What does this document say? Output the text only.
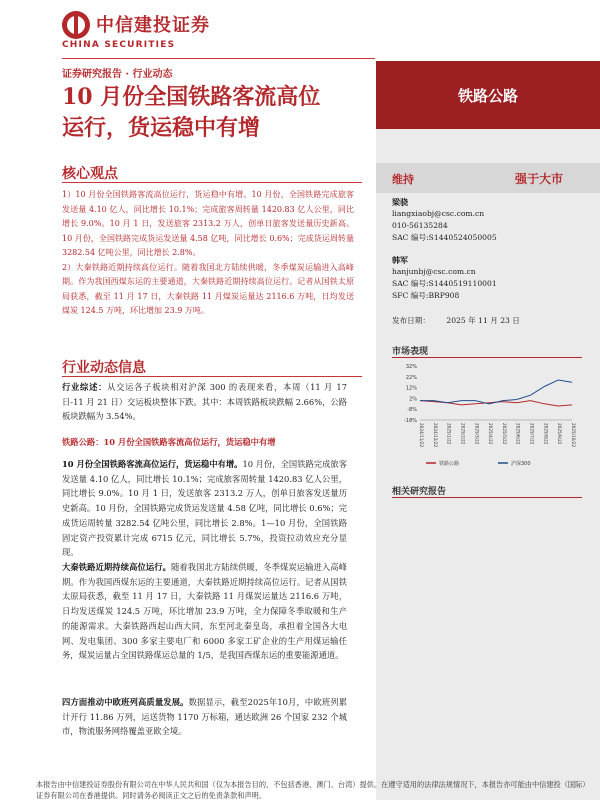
中信建投证券
CHINA SECURITIES
证券研究报告 · 行业动态
10 月份全国铁路客流高位
运行，货运稳中有增
铁路公路
维持	强于大市
梁骁
liangxiaobj@csc.com.cn
010-56135284
SAC 编号:S1440524050005
韩军
hanjunbj@csc.com.cn
SAC 编号:S1440519110001
SFC 编号:BRP908
发布日期： 2025 年 11 月 23 日
市场表现
32%
22%
12%
2%
-8%
-18%
2024/11/22 2024/12/22 2025/1/22 2025/2/22 2025/3/22 2025/4/22 2025/5/22 2025/6/22 2025/7/22 2025/8/22 2025/9/22 2025/10/22
铁路公路	沪深300
相关研究报告
核心观点

1）10 月份全国铁路客流高位运行，货运稳中有增。10 月份，全国铁路完成旅客发送量 4.10 亿人，同比增长 10.1%；完成旅客周转量 1420.83 亿人公里，同比增长 9.0%。10 月 1 日，发送旅客 2313.2 万人，创单日旅客发送量历史新高。10 月份，全国铁路完成货运发送量 4.58 亿吨，同比增长 0.6%；完成货运周转量 3282.54 亿吨公里，同比增长 2.8%。

2）大秦铁路近期持续高位运行。随着我国北方陆续供暖，冬季煤炭运输进入高峰期。作为我国西煤东运的主要通道，大秦铁路近期持续高位运行。记者从国铁太原局获悉，截至 11 月 17 日，大秦铁路 11 月煤炭运量达 2116.6 万吨，日均发送煤炭 124.5 万吨，环比增加 23.9 万吨。

行业动态信息

行业综述：从交运各子板块相对沪深 300 的表现来看，本周（11 月 17 日-11 月 21 日）交运板块整体下跌。其中：本周铁路板块跌幅 2.66%，公路板块跌幅为 3.54%。

铁路公路：10 月份全国铁路客流高位运行，货运稳中有增

10 月份全国铁路客流高位运行，货运稳中有增。10 月份，全国铁路完成旅客发送量 4.10 亿人，同比增长 10.1%；完成旅客周转量 1420.83 亿人公里，同比增长 9.0%。10 月 1 日，发送旅客 2313.2 万人，创单日旅客发送量历史新高。10 月份，全国铁路完成货运发送量 4.58 亿吨，同比增长 0.6%；完成货运周转量 3282.54 亿吨公里，同比增长 2.8%。1—10 月份，全国铁路固定资产投资累计完成 6715 亿元，同比增长 5.7%，投资拉动效应充分显现。

大秦铁路近期持续高位运行。随着我国北方陆续供暖，冬季煤炭运输进入高峰期。作为我国西煤东运的主要通道，大秦铁路近期持续高位运行。记者从国铁太原局获悉，截至 11 月 17 日，大秦铁路 11 月煤炭运量达 2116.6 万吨，日均发送煤炭 124.5 万吨，环比增加 23.9 万吨，全力保障冬季取暖和生产的能源需求。大秦铁路西起山西大同，东至河北秦皇岛，承担着全国各大电网、发电集团、300 多家主要电厂和 6000 多家工矿企业的生产用煤运输任务，煤炭运量占全国铁路煤运总量的 1/5，是我国西煤东运的重要能源通道。

四方面推动中欧班列高质量发展。数据显示，截至2025年10月，中欧班列累计开行 11.86 万列，运送货物 1170 万标箱，通达欧洲 26 个国家 232 个城市，物流服务网络覆盖亚欧全境。

本报告由中信建投证券股份有限公司在中华人民共和国（仅为本报告目的，不包括香港、澳门、台湾）提供。在遵守适用的法律法规情况下，本报告亦可能由中信建投（国际）证券有限公司在香港提供。同时请务必阅读正文之后的免责条款和声明。
